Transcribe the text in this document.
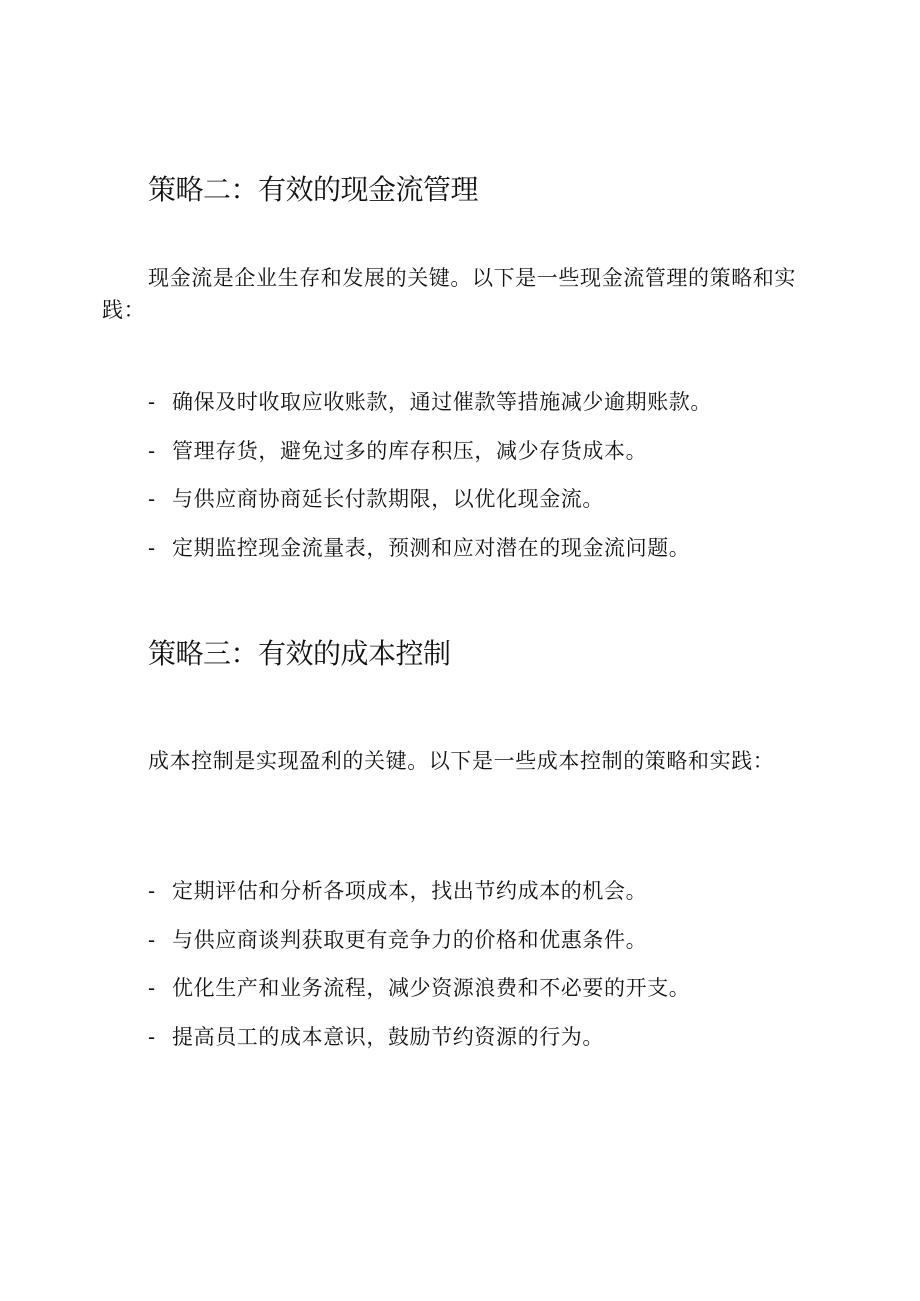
策略二：有效的现金流管理

现金流是企业生存和发展的关键。以下是一些现金流管理的策略和实践：

- 确保及时收取应收账款，通过催款等措施减少逾期账款。
- 管理存货，避免过多的库存积压，减少存货成本。
- 与供应商协商延长付款期限，以优化现金流。
- 定期监控现金流量表，预测和应对潜在的现金流问题。
策略三：有效的成本控制

成本控制是实现盈利的关键。以下是一些成本控制的策略和实践：

- 定期评估和分析各项成本，找出节约成本的机会。
- 与供应商谈判获取更有竞争力的价格和优惠条件。
- 优化生产和业务流程，减少资源浪费和不必要的开支。
- 提高员工的成本意识，鼓励节约资源的行为。
